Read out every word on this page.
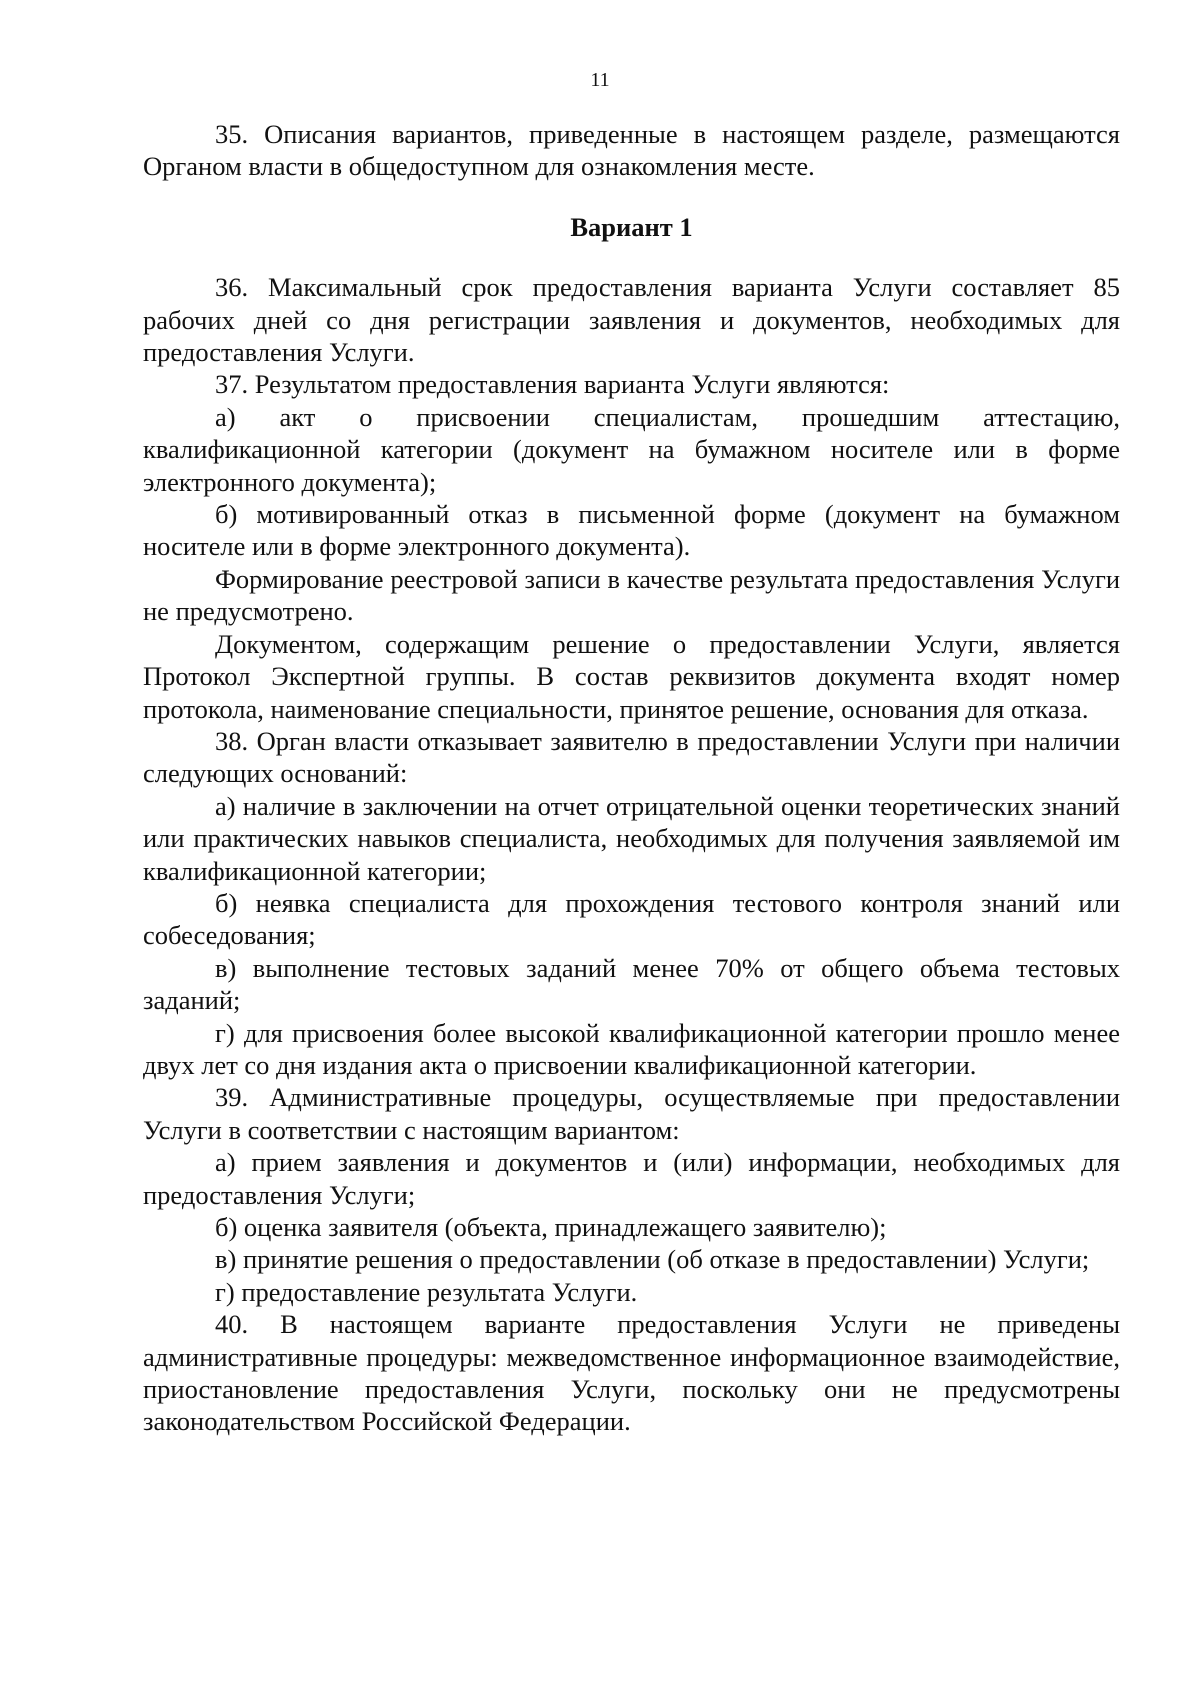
11

35. Описания вариантов, приведенные в настоящем разделе, размещаются Органом власти в общедоступном для ознакомления месте.

Вариант 1

36. Максимальный срок предоставления варианта Услуги составляет 85 рабочих дней со дня регистрации заявления и документов, необходимых для предоставления Услуги.

37. Результатом предоставления варианта Услуги являются:

а) акт о присвоении специалистам, прошедшим аттестацию, квалификационной категории (документ на бумажном носителе или в форме электронного документа);

б) мотивированный отказ в письменной форме (документ на бумажном носителе или в форме электронного документа).

Формирование реестровой записи в качестве результата предоставления Услуги не предусмотрено.

Документом, содержащим решение о предоставлении Услуги, является Протокол Экспертной группы. В состав реквизитов документа входят номер протокола, наименование специальности, принятое решение, основания для отказа.

38. Орган власти отказывает заявителю в предоставлении Услуги при наличии следующих оснований:

а) наличие в заключении на отчет отрицательной оценки теоретических знаний или практических навыков специалиста, необходимых для получения заявляемой им квалификационной категории;

б) неявка специалиста для прохождения тестового контроля знаний или собеседования;

в) выполнение тестовых заданий менее 70% от общего объема тестовых заданий;

г) для присвоения более высокой квалификационной категории прошло менее двух лет со дня издания акта о присвоении квалификационной категории.

39. Административные процедуры, осуществляемые при предоставлении Услуги в соответствии с настоящим вариантом:

а) прием заявления и документов и (или) информации, необходимых для предоставления Услуги;

б) оценка заявителя (объекта, принадлежащего заявителю);

в) принятие решения о предоставлении (об отказе в предоставлении) Услуги;

г) предоставление результата Услуги.

40. В настоящем варианте предоставления Услуги не приведены административные процедуры: межведомственное информационное взаимодействие, приостановление предоставления Услуги, поскольку они не предусмотрены законодательством Российской Федерации.
